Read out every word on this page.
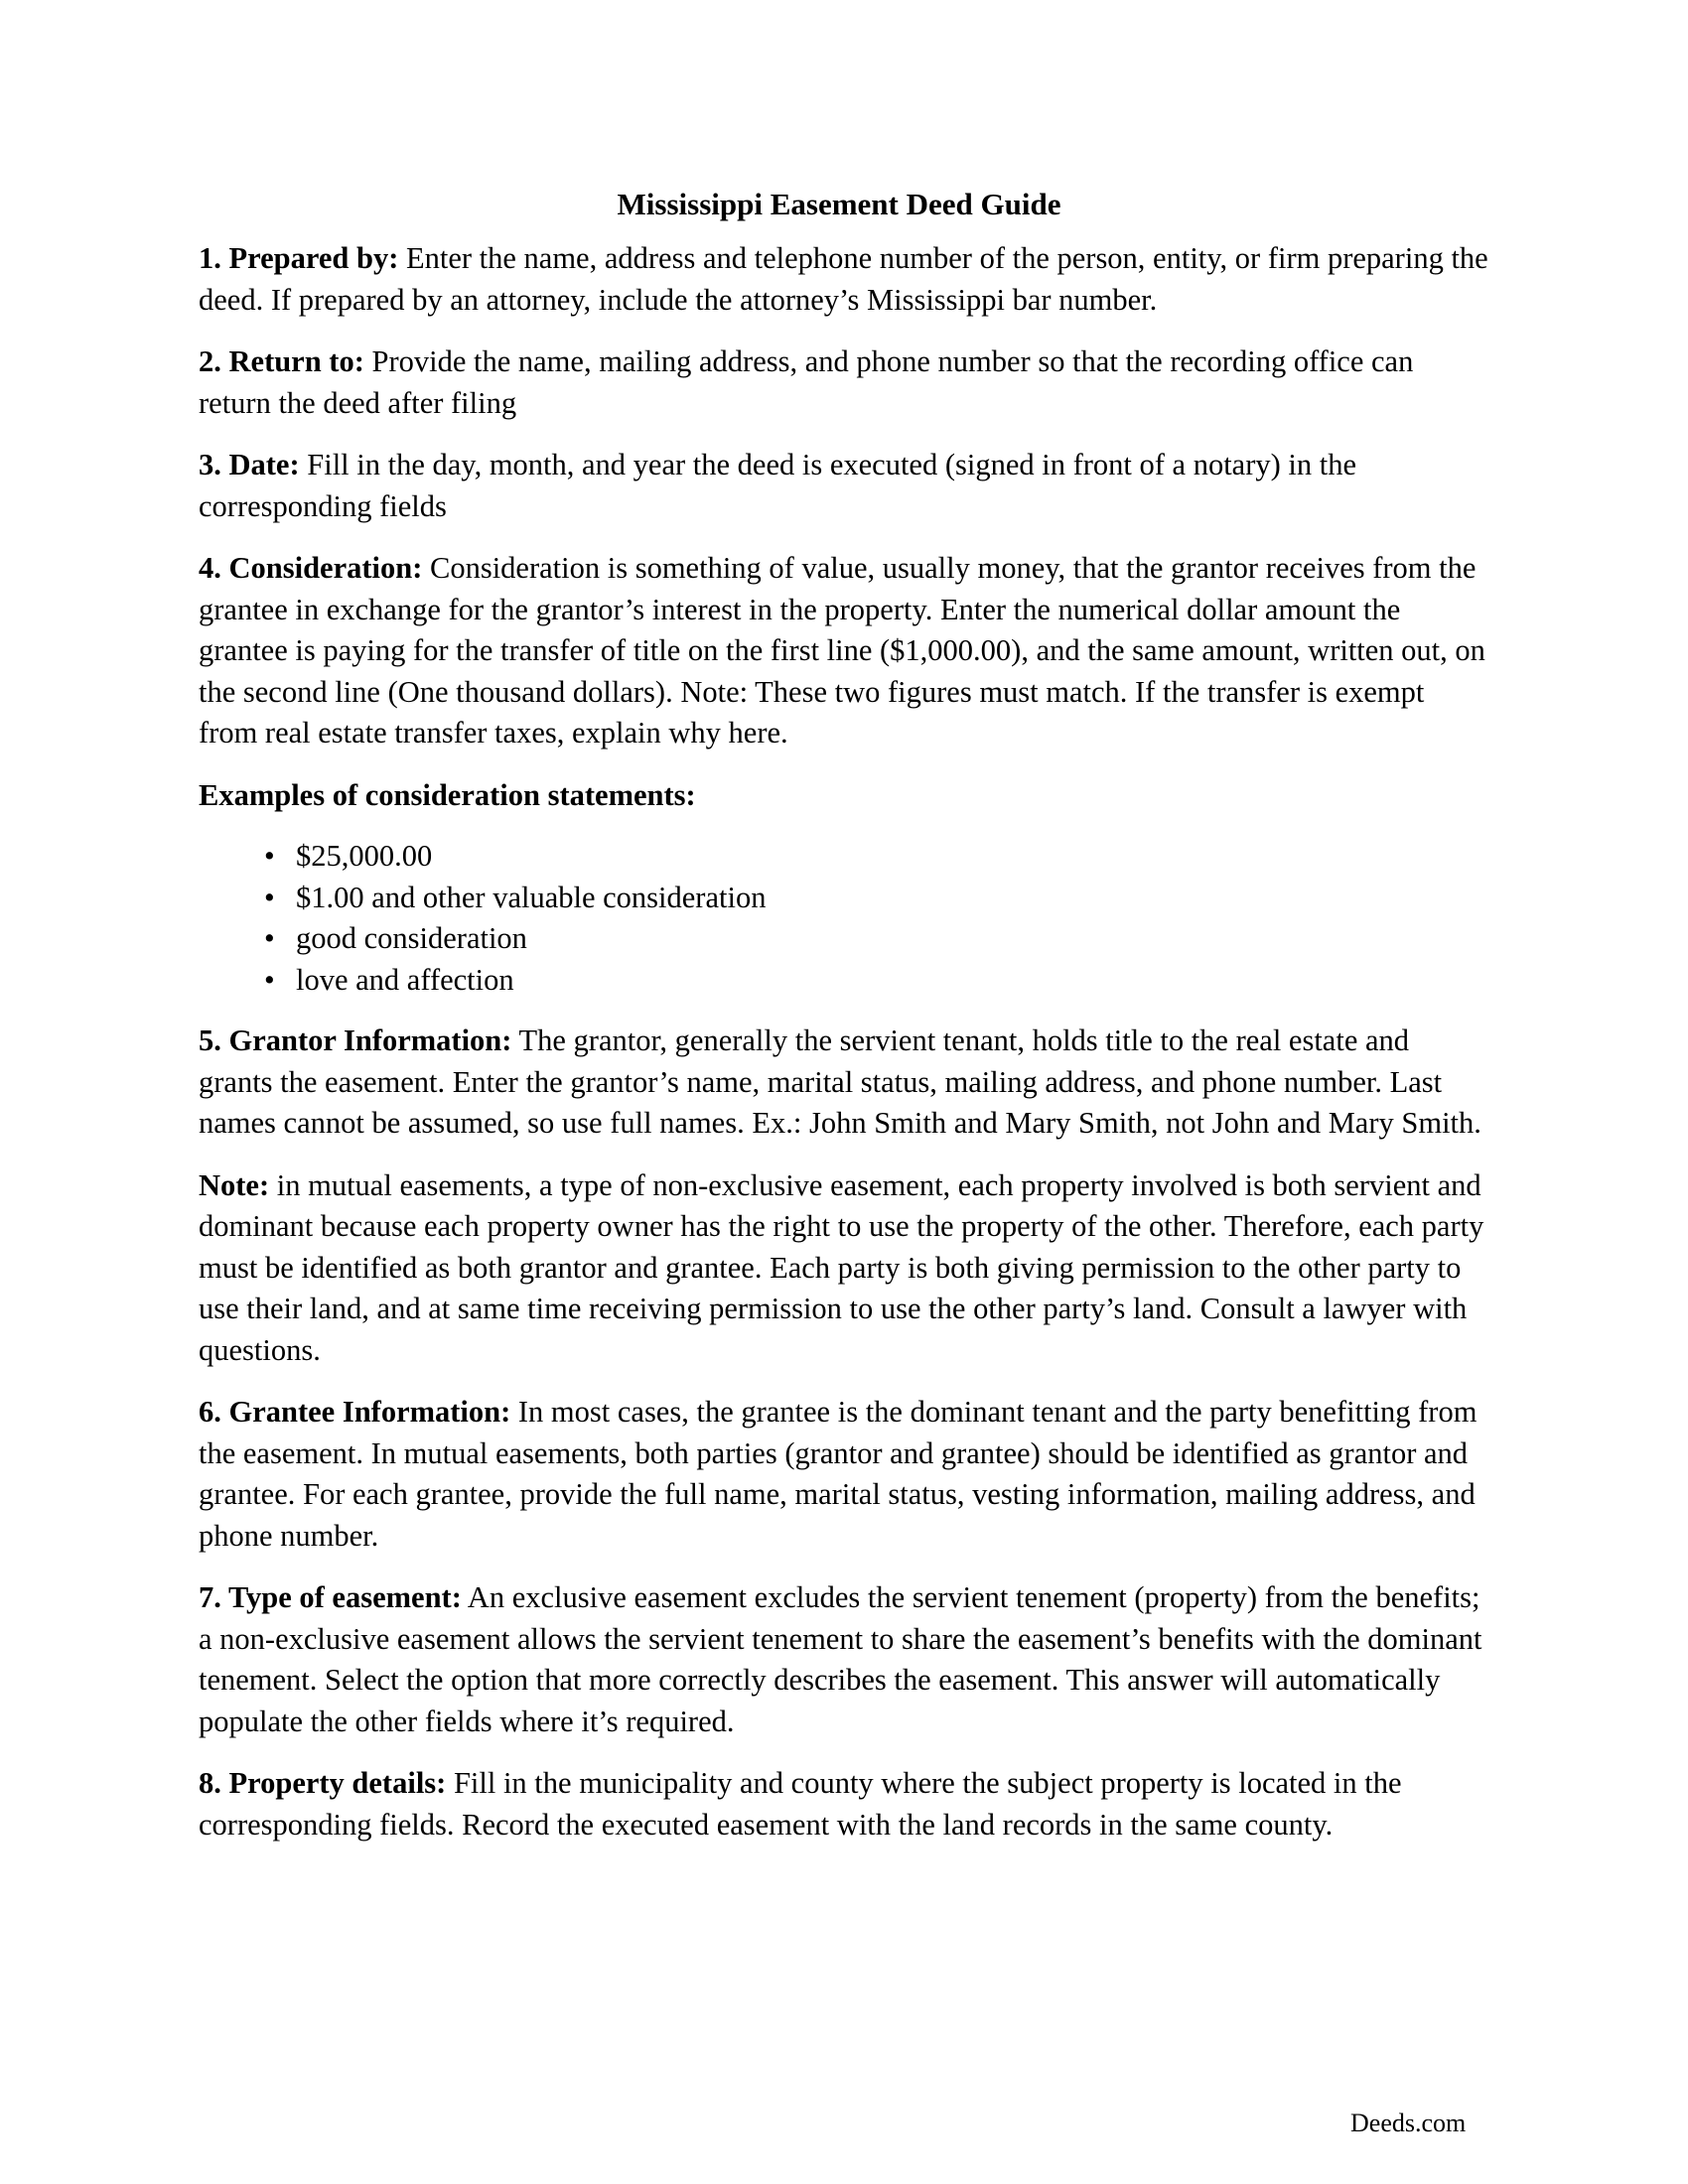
Mississippi Easement Deed Guide

1. Prepared by: Enter the name, address and telephone number of the person, entity, or firm preparing the deed. If prepared by an attorney, include the attorney’s Mississippi bar number.

2. Return to: Provide the name, mailing address, and phone number so that the recording office can return the deed after filing

3. Date: Fill in the day, month, and year the deed is executed (signed in front of a notary) in the corresponding fields

4. Consideration: Consideration is something of value, usually money, that the grantor receives from the grantee in exchange for the grantor’s interest in the property. Enter the numerical dollar amount the grantee is paying for the transfer of title on the first line ($1,000.00), and the same amount, written out, on the second line (One thousand dollars). Note: These two figures must match. If the transfer is exempt from real estate transfer taxes, explain why here.

Examples of consideration statements:
• $25,000.00
• $1.00 and other valuable consideration
• good consideration
• love and affection

5. Grantor Information: The grantor, generally the servient tenant, holds title to the real estate and grants the easement. Enter the grantor’s name, marital status, mailing address, and phone number. Last names cannot be assumed, so use full names. Ex.: John Smith and Mary Smith, not John and Mary Smith.

Note: in mutual easements, a type of non-exclusive easement, each property involved is both servient and dominant because each property owner has the right to use the property of the other. Therefore, each party must be identified as both grantor and grantee. Each party is both giving permission to the other party to use their land, and at same time receiving permission to use the other party’s land. Consult a lawyer with questions.

6. Grantee Information: In most cases, the grantee is the dominant tenant and the party benefitting from the easement. In mutual easements, both parties (grantor and grantee) should be identified as grantor and grantee. For each grantee, provide the full name, marital status, vesting information, mailing address, and phone number.

7. Type of easement: An exclusive easement excludes the servient tenement (property) from the benefits; a non-exclusive easement allows the servient tenement to share the easement’s benefits with the dominant tenement. Select the option that more correctly describes the easement. This answer will automatically populate the other fields where it’s required.

8. Property details: Fill in the municipality and county where the subject property is located in the corresponding fields. Record the executed easement with the land records in the same county.

Deeds.com
